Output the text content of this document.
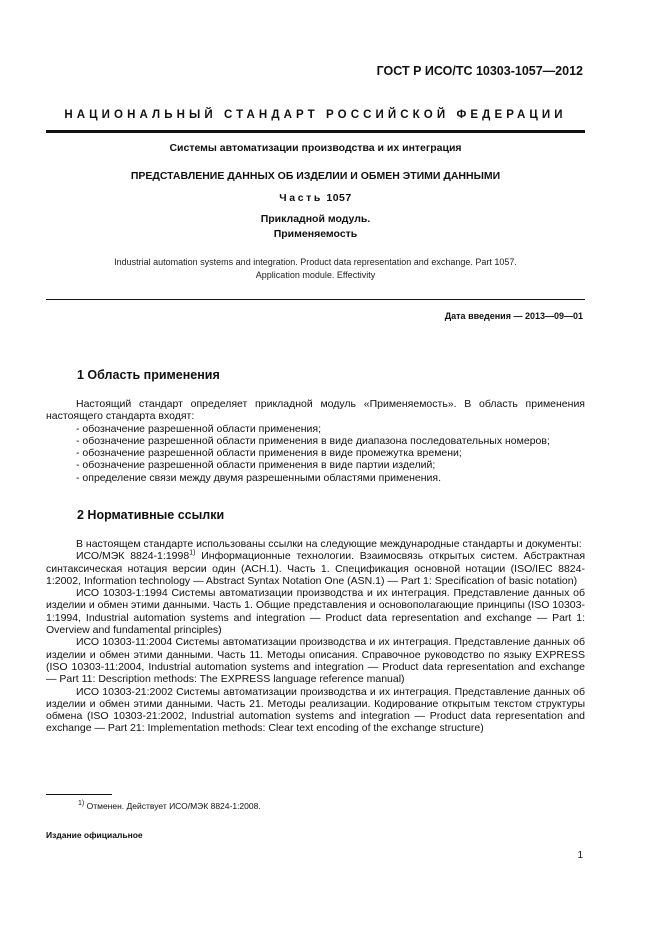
ГОСТ Р ИСО/ТС 10303-1057—2012
НАЦИОНАЛЬНЫЙ СТАНДАРТ РОССИЙСКОЙ ФЕДЕРАЦИИ
Системы автоматизации производства и их интеграция
ПРЕДСТАВЛЕНИЕ ДАННЫХ ОБ ИЗДЕЛИИ И ОБМЕН ЭТИМИ ДАННЫМИ
Часть 1057
Прикладной модуль.
Применяемость
Industrial automation systems and integration. Product data representation and exchange. Part 1057.
Application module. Effectivity
Дата введения — 2013—09—01
1 Область применения

Настоящий стандарт определяет прикладной модуль «Применяемость». В область применения настоящего стандарта входят:

- обозначение разрешенной области применения;

- обозначение разрешенной области применения в виде диапазона последовательных номеров;

- обозначение разрешенной области применения в виде промежутка времени;

- обозначение разрешенной области применения в виде партии изделий;

- определение связи между двумя разрешенными областями применения.

2 Нормативные ссылки

В настоящем стандарте использованы ссылки на следующие международные стандарты и документы:

ИСО/МЭК 8824-1:1998$^{1)}$ Информационные технологии. Взаимосвязь открытых систем. Абстрактная синтаксическая нотация версии один (АСН.1). Часть 1. Спецификация основной нотации (ISO/IEC 8824-1:2002, Information technology — Abstract Syntax Notation One (ASN.1) — Part 1: Specification of basic notation)

ИСО 10303-1:1994 Системы автоматизации производства и их интеграция. Представление данных об изделии и обмен этими данными. Часть 1. Общие представления и основополагающие принципы (ISO 10303-1:1994, Industrial automation systems and integration — Product data representation and exchange — Part 1: Overview and fundamental principles)

ИСО 10303-11:2004 Системы автоматизации производства и их интеграция. Представление данных об изделии и обмен этими данными. Часть 11. Методы описания. Справочное руководство по языку EXPRESS (ISO 10303-11:2004, Industrial automation systems and integration — Product data representation and exchange — Part 11: Description methods: The EXPRESS language reference manual)

ИСО 10303-21:2002 Системы автоматизации производства и их интеграция. Представление данных об изделии и обмен этими данными. Часть 21. Методы реализации. Кодирование открытым текстом структуры обмена (ISO 10303-21:2002, Industrial automation systems and integration — Product data representation and exchange — Part 21: Implementation methods: Clear text encoding of the exchange structure)

$^{1)}$ Отменен. Действует ИСО/МЭК 8824-1:2008.
Издание официальное
1
